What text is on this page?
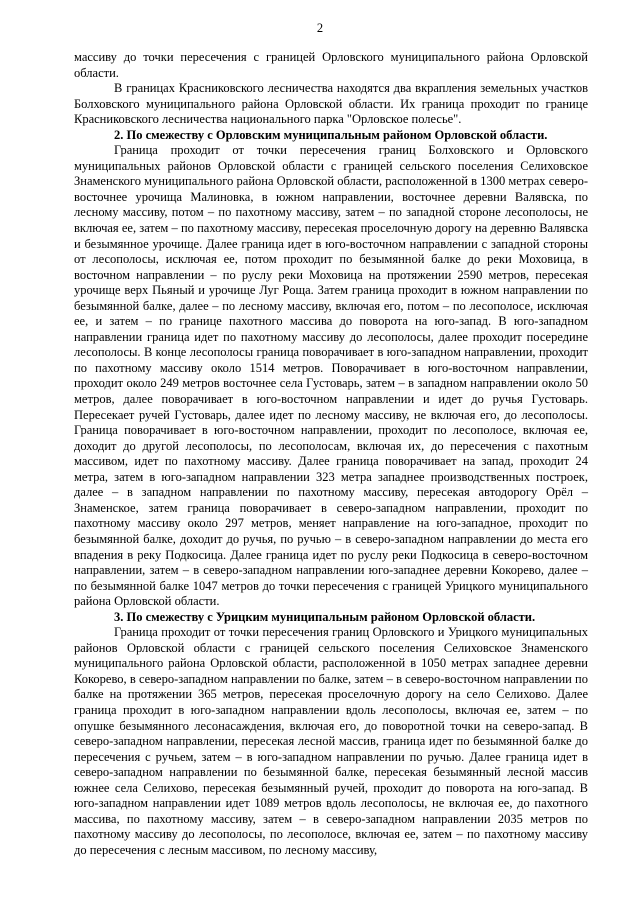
2

массиву до точки пересечения с границей Орловского муниципального района Орловской области.

В границах Красниковского лесничества находятся два вкрапления земельных участков Болховского муниципального района Орловской области. Их граница проходит по границе Красниковского лесничества национального парка "Орловское полесье".

2. По смежеству с Орловским муниципальным районом Орловской области.

Граница проходит от точки пересечения границ Болховского и Орловского муниципальных районов Орловской области с границей сельского поселения Селиховское Знаменского муниципального района Орловской области, расположенной в 1300 метрах северо-восточнее урочища Малиновка, в южном направлении, восточнее деревни Валявска, по лесному массиву, потом – по пахотному массиву, затем – по западной стороне лесополосы, не включая ее, затем – по пахотному массиву, пересекая проселочную дорогу на деревню Валявска и безымянное урочище. Далее граница идет в юго-восточном направлении с западной стороны от лесополосы, исключая ее, потом проходит по безымянной балке до реки Моховица, в восточном направлении – по руслу реки Моховица на протяжении 2590 метров, пересекая урочище верх Пьяный и урочище Луг Роща. Затем граница проходит в южном направлении по безымянной балке, далее – по лесному массиву, включая его, потом – по лесополосе, исключая ее, и затем – по границе пахотного массива до поворота на юго-запад. В юго-западном направлении граница идет по пахотному массиву до лесополосы, далее проходит посередине лесополосы. В конце лесополосы граница поворачивает в юго-западном направлении, проходит по пахотному массиву около 1514 метров. Поворачивает в юго-восточном направлении, проходит около 249 метров восточнее села Густоварь, затем – в западном направлении около 50 метров, далее поворачивает в юго-восточном направлении и идет до ручья Густоварь. Пересекает ручей Густоварь, далее идет по лесному массиву, не включая его, до лесополосы. Граница поворачивает в юго-восточном направлении, проходит по лесополосе, включая ее, доходит до другой лесополосы, по лесополосам, включая их, до пересечения с пахотным массивом, идет по пахотному массиву. Далее граница поворачивает на запад, проходит 24 метра, затем в юго-западном направлении 323 метра западнее производственных построек, далее – в западном направлении по пахотному массиву, пересекая автодорогу Орёл – Знаменское, затем граница поворачивает в северо-западном направлении, проходит по пахотному массиву около 297 метров, меняет направление на юго-западное, проходит по безымянной балке, доходит до ручья, по ручью – в северо-западном направлении до места его впадения в реку Подкосица. Далее граница идет по руслу реки Подкосица в северо-восточном направлении, затем – в северо-западном направлении юго-западнее деревни Кокорево, далее – по безымянной балке 1047 метров до точки пересечения с границей Урицкого муниципального района Орловской области.

3. По смежеству с Урицким муниципальным районом Орловской области.

Граница проходит от точки пересечения границ Орловского и Урицкого муниципальных районов Орловской области с границей сельского поселения Селиховское Знаменского муниципального района Орловской области, расположенной в 1050 метрах западнее деревни Кокорево, в северо-западном направлении по балке, затем – в северо-восточном направлении по балке на протяжении 365 метров, пересекая проселочную дорогу на село Селихово. Далее граница проходит в юго-западном направлении вдоль лесополосы, включая ее, затем – по опушке безымянного лесонасаждения, включая его, до поворотной точки на северо-запад. В северо-западном направлении, пересекая лесной массив, граница идет по безымянной балке до пересечения с ручьем, затем – в юго-западном направлении по ручью. Далее граница идет в северо-западном направлении по безымянной балке, пересекая безымянный лесной массив южнее села Селихово, пересекая безымянный ручей, проходит до поворота на юго-запад. В юго-западном направлении идет 1089 метров вдоль лесополосы, не включая ее, до пахотного массива, по пахотному массиву, затем – в северо-западном направлении 2035 метров по пахотному массиву до лесополосы, по лесополосе, включая ее, затем – по пахотному массиву до пересечения с лесным массивом, по лесному массиву,
